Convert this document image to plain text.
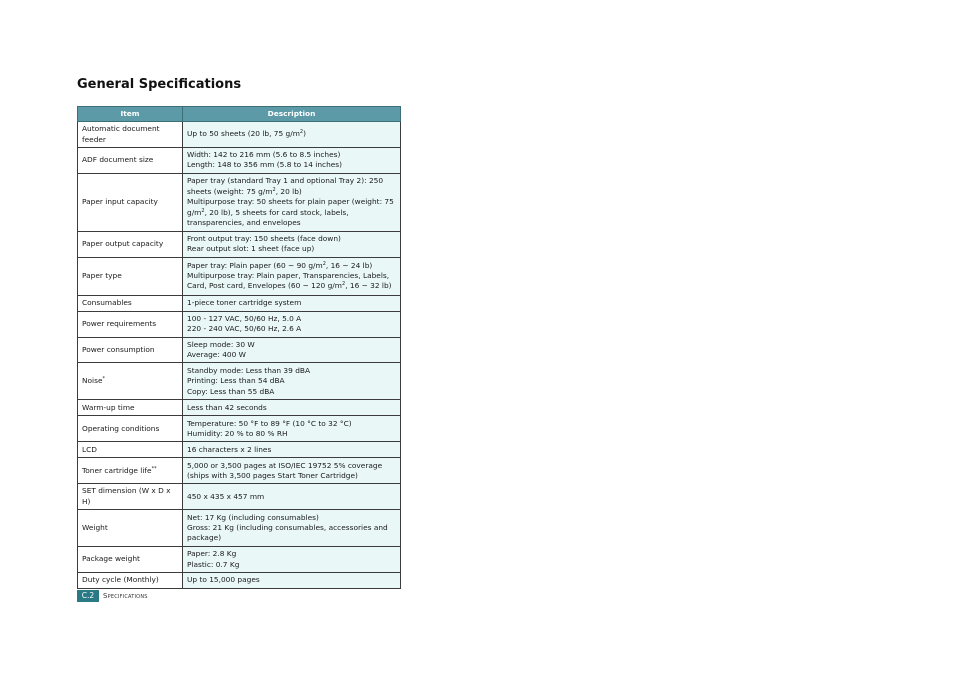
General Specifications
Item	Description
Automatic document feeder	Up to 50 sheets (20 lb, 75 $g/m^2$)

ADF document size	Width: 142 to 216 mm (5.6 to 8.5 inches)
Length: 148 to 356 mm (5.8 to 14 inches)

Paper input capacity	Paper tray (standard Tray 1 and optional Tray 2): 250 sheets (weight: 75 $g/m^2$, 20 lb)
Multipurpose tray: 50 sheets for plain paper (weight: 75 $g/m^2$, 20 lb), 5 sheets for card stock, labels, transparencies, and envelopes

Paper output capacity	Front output tray: 150 sheets (face down)
Rear output slot: 1 sheet (face up)

Paper type	Paper tray: Plain paper (60 ~ 90 $g/m^2$, 16 ~ 24 lb)
Multipurpose tray: Plain paper, Transparencies, Labels, Card, Post card, Envelopes (60 ~ 120 $g/m^2$, 16 ~ 32 lb)

Consumables	1-piece toner cartridge system

Power requirements	100 - 127 VAC, 50/60 Hz, 5.0 A
220 - 240 VAC, 50/60 Hz, 2.6 A

Power consumption	Sleep mode: 30 W
Average: 400 W

Noise*	Standby mode: Less than 39 dBA
Printing: Less than 54 dBA
Copy: Less than 55 dBA

Warm-up time	Less than 42 seconds

Operating conditions	Temperature: 50 °F to 89 °F (10 °C to 32 °C)
Humidity: 20 % to 80 % RH

LCD	16 characters x 2 lines

Toner cartridge life**	5,000 or 3,500 pages at ISO/IEC 19752 5% coverage (ships with 3,500 pages Start Toner Cartridge)

SET dimension (W x D x H)	450 x 435 x 457 mm

Weight	Net: 17 Kg (including consumables)
Gross: 21 Kg (including consumables, accessories and package)

Package weight	Paper: 2.8 Kg
Plastic: 0.7 Kg

Duty cycle (Monthly)	Up to 15,000 pages
C.2	Specifications
